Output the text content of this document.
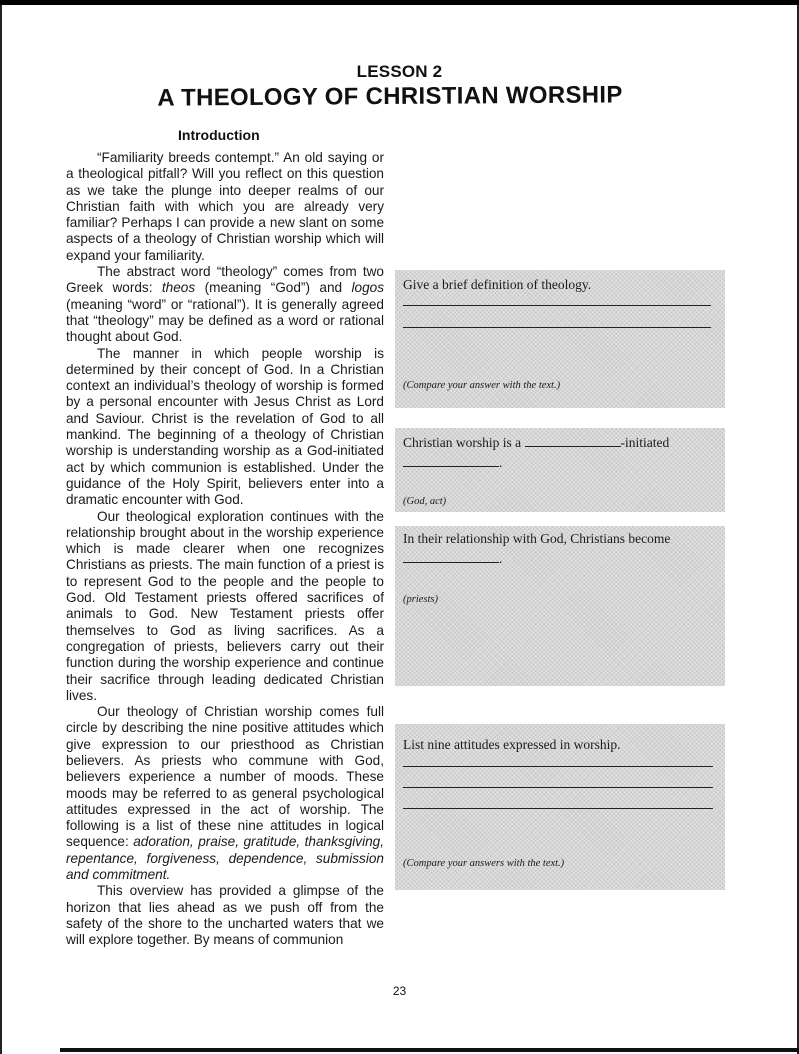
LESSON 2
A THEOLOGY OF CHRISTIAN WORSHIP
Introduction

“Familiarity breeds contempt.” An old saying or a theological pitfall? Will you reflect on this question as we take the plunge into deeper realms of our Christian faith with which you are already very familiar? Perhaps I can provide a new slant on some aspects of a theology of Christian worship which will expand your familiarity.

The abstract word “theology” comes from two Greek words: theos (meaning “God”) and logos (meaning “word” or “rational”). It is generally agreed that “theology” may be defined as a word or rational thought about God.

The manner in which people worship is determined by their concept of God. In a Christian context an individual’s theology of worship is formed by a personal encounter with Jesus Christ as Lord and Saviour. Christ is the revelation of God to all mankind. The beginning of a theology of Christian worship is understanding worship as a God-initiated act by which communion is established. Under the guidance of the Holy Spirit, believers enter into a dramatic encounter with God.

Our theological exploration continues with the relationship brought about in the worship experience which is made clearer when one recognizes Christians as priests. The main function of a priest is to represent God to the people and the people to God. Old Testament priests offered sacrifices of animals to God. New Testament priests offer themselves to God as living sacrifices. As a congregation of priests, believers carry out their function during the worship experience and continue their sacrifice through leading dedicated Christian lives.

Our theology of Christian worship comes full circle by describing the nine positive attitudes which give expression to our priesthood as Christian believers. As priests who commune with God, believers experience a number of moods. These moods may be referred to as general psychological attitudes expressed in the act of worship. The following is a list of these nine attitudes in logical sequence: adoration, praise, gratitude, thanksgiving, repentance, forgiveness, dependence, submission and commitment.

This overview has provided a glimpse of the horizon that lies ahead as we push off from the safety of the shore to the uncharted waters that we will explore together. By means of communion

Give a brief definition of theology.
(Compare your answer with the text.)
Christian worship is a	-initiated
.
(God, act)
In their relationship with God, Christians become
.
(priests)
List nine attitudes expressed in worship.
(Compare your answers with the text.)
23
